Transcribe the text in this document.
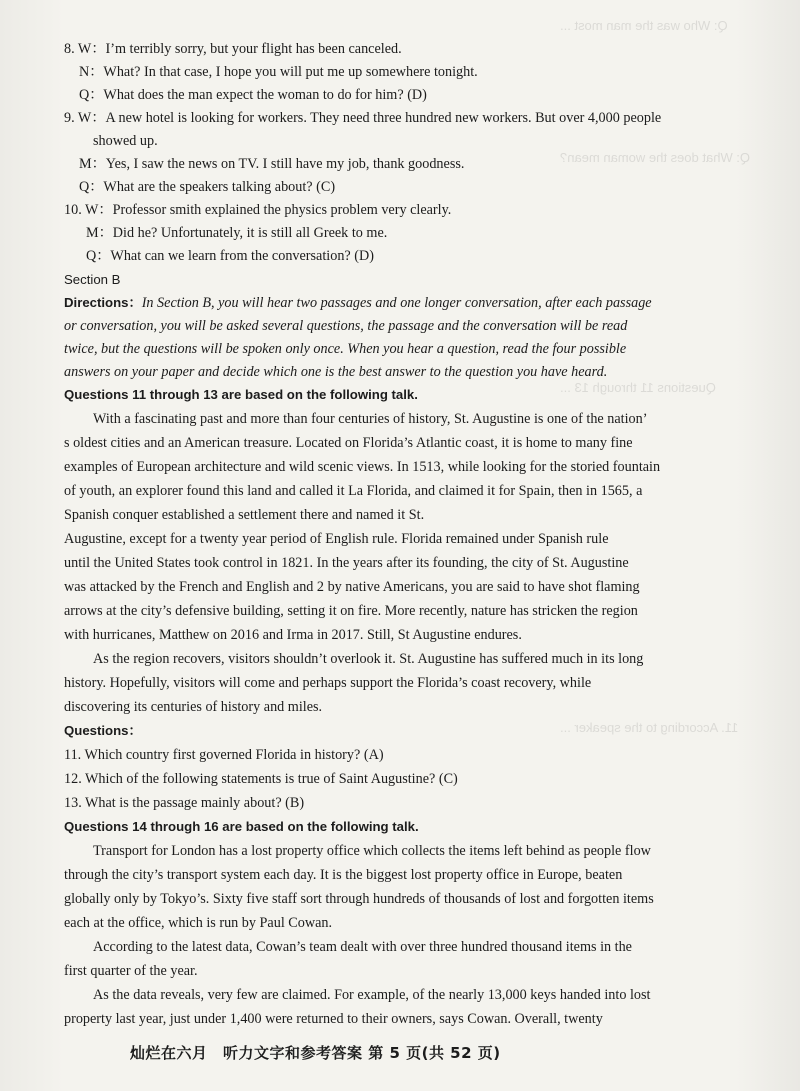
Q: Who was the man most ...
Q: What does the woman mean?
Questions 11 through 13 ...
11. According to the speaker ...
8. W：I’m terribly sorry, but your flight has been canceled.
N：What? In that case, I hope you will put me up somewhere tonight.
Q：What does the man expect the woman to do for him? (D)
9. W：A new hotel is looking for workers. They need three hundred new workers. But over 4,000 people
showed up.
M：Yes, I saw the news on TV. I still have my job, thank goodness.
Q：What are the speakers talking about? (C)
10. W：Professor smith explained the physics problem very clearly.
M：Did he? Unfortunately, it is still all Greek to me.
Q：What can we learn from the conversation? (D)
Section B
Directions：In Section B, you will hear two passages and one longer conversation, after each passage
or conversation, you will be asked several questions, the passage and the conversation will be read
twice, but the questions will be spoken only once. When you hear a question, read the four possible
answers on your paper and decide which one is the best answer to the question you have heard.
Questions 11 through 13 are based on the following talk.
With a fascinating past and more than four centuries of history, St. Augustine is one of the nation’
s oldest cities and an American treasure. Located on Florida’s Atlantic coast, it is home to many fine
examples of European architecture and wild scenic views. In 1513, while looking for the storied fountain
of youth, an explorer found this land and called it La Florida, and claimed it for Spain, then in 1565, a
Spanish conquer established a settlement there and named it St.
Augustine, except for a twenty year period of English rule. Florida remained under Spanish rule
until the United States took control in 1821. In the years after its founding, the city of St. Augustine
was attacked by the French and English and 2 by native Americans, you are said to have shot flaming
arrows at the city’s defensive building, setting it on fire. More recently, nature has stricken the region
with hurricanes, Matthew on 2016 and Irma in 2017. Still, St Augustine endures.
As the region recovers, visitors shouldn’t overlook it. St. Augustine has suffered much in its long
history. Hopefully, visitors will come and perhaps support the Florida’s coast recovery, while
discovering its centuries of history and miles.
Questions：
11. Which country first governed Florida in history? (A)
12. Which of the following statements is true of Saint Augustine? (C)
13. What is the passage mainly about? (B)
Questions 14 through 16 are based on the following talk.
Transport for London has a lost property office which collects the items left behind as people flow
through the city’s transport system each day. It is the biggest lost property office in Europe, beaten
globally only by Tokyo’s. Sixty five staff sort through hundreds of thousands of lost and forgotten items
each at the office, which is run by Paul Cowan.
According to the latest data, Cowan’s team dealt with over three hundred thousand items in the
first quarter of the year.
As the data reveals, very few are claimed. For example, of the nearly 13,000 keys handed into lost
property last year, just under 1,400 were returned to their owners, says Cowan. Overall, twenty
灿烂在六月　听力文字和参考答案 第 5 页(共 52 页)
